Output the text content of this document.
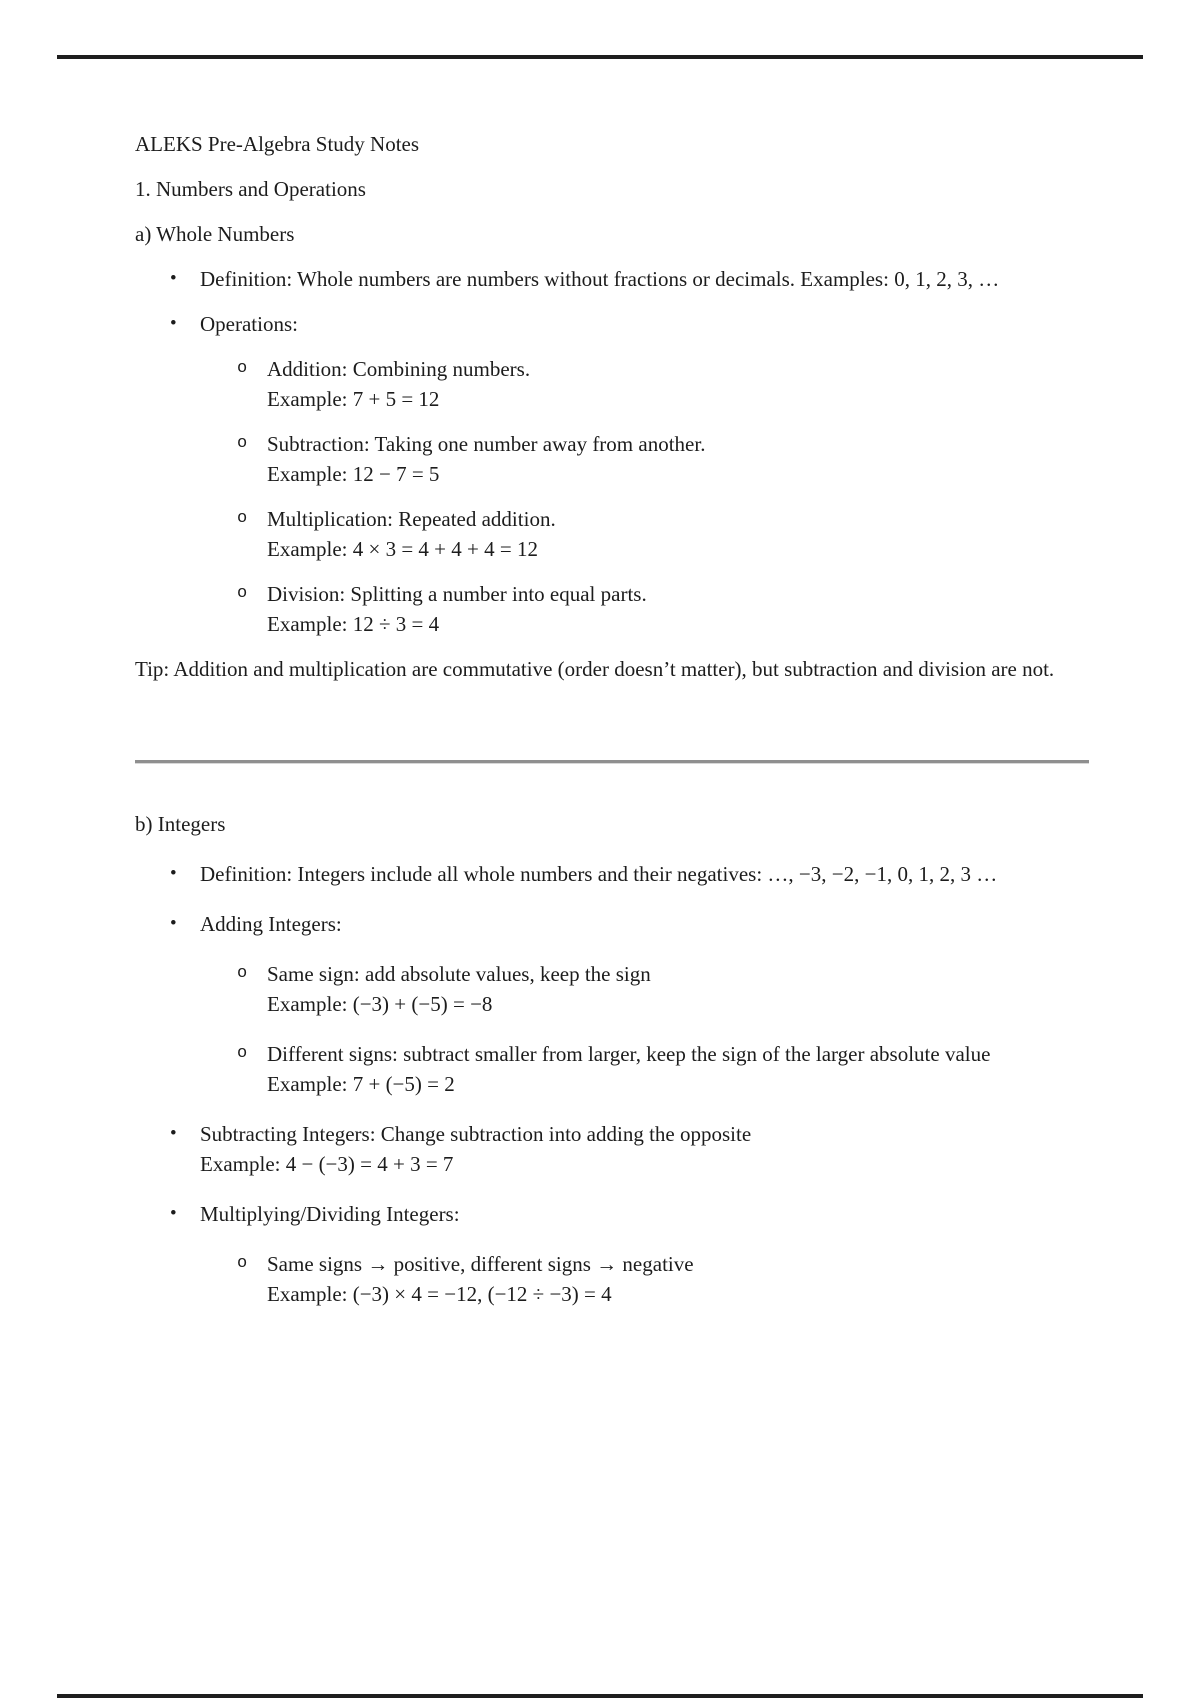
ALEKS Pre-Algebra Study Notes
1. Numbers and Operations
a) Whole Numbers
•	Definition: Whole numbers are numbers without fractions or decimals. Examples: 0, 1, 2, 3, …
•	Operations:
o Addition: Combining numbers.
Example: 7 + 5 = 12
o Subtraction: Taking one number away from another.
Example: 12 − 7 = 5
o Multiplication: Repeated addition.
Example: 4 × 3 = 4 + 4 + 4 = 12
o Division: Splitting a number into equal parts.
Example: 12 ÷ 3 = 4
Tip: Addition and multiplication are commutative (order doesn’t matter), but subtraction and division are not.
b) Integers
•	Definition: Integers include all whole numbers and their negatives: …, −3, −2, −1, 0, 1, 2, 3 …
•	Adding Integers:
o Same sign: add absolute values, keep the sign
Example: (−3) + (−5) = −8
o Different signs: subtract smaller from larger, keep the sign of the larger absolute value
Example: 7 + (−5) = 2
•	Subtracting Integers: Change subtraction into adding the opposite
Example: 4 − (−3) = 4 + 3 = 7
•	Multiplying/Dividing Integers:
o Same signs → positive, different signs → negative
Example: (−3) × 4 = −12, (−12 ÷ −3) = 4
